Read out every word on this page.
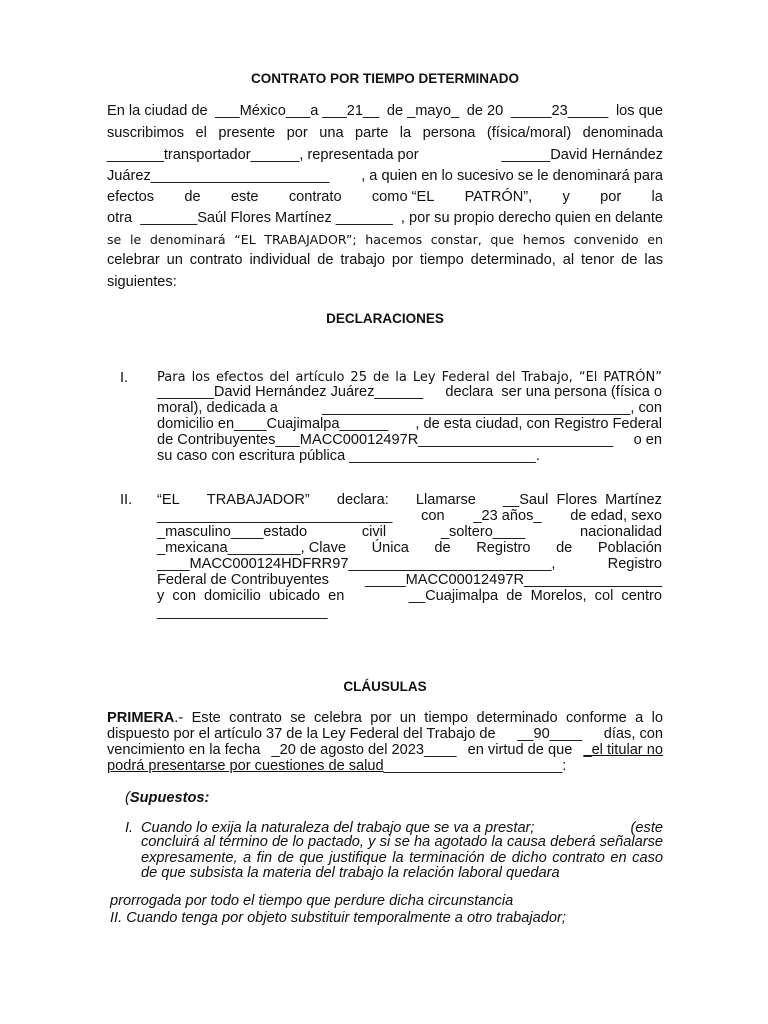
CONTRATO POR TIEMPO DETERMINADO
En la ciudad de ___México___a ___21__ de _mayo_ de 20 _____23_____ los que
suscribimos el presente por una parte la persona (física/moral) denominada
_______transportador______, representada por	______David Hernández
Juárez______________________ , a quien en lo sucesivo se le denominará para
efectos de este contrato como “EL PATRÓN”, y por la
otra _______Saúl Flores Martínez _______ , por su propio derecho quien en delante
se le denominará “EL TRABAJADOR”; hacemos constar, que hemos convenido en
celebrar un contrato individual de trabajo por tiempo determinado, al tenor de las
siguientes:
DECLARACIONES
I. Para los efectos del artículo 25 de la Ley Federal del Trabajo, “El PATRÓN”
_______David Hernández Juárez______ declara  ser una persona (física o
moral), dedicada a	______________________________________, con
domicilio en____Cuajimalpa______ , de esta ciudad, con Registro Federal
de Contribuyentes___MACC00012497R________________________ o en
su caso con escritura pública
_______________________ .
II. “EL TRABAJADOR” declara: Llamarse __Saul  Flores  Martínez
_____________________________ con _23 años_ de edad, sexo
_masculino____estado	civil	_soltero____	nacionalidad
_mexicana_________, Clave Única de Registro de Población
____MACC000124HDFRR97_________________________,	Registro
Federal de Contribuyentes _____MACC00012497R_________________
y  con  domicilio  ubicado  en	__Cuajimalpa  de  Morelos,  col  centro
_____________________
CLÁUSULAS
PRIMERA .- Este contrato se celebra por un tiempo determinado conforme a lo
dispuesto por el artículo 37 de la Ley Federal del Trabajo de __90____ días, con
vencimiento en la fecha _20 de agosto del 2023____ en virtud de que _el titular no
podrá presentarse por cuestiones de salud ______________________ :
(Supuestos:
I. Cuando lo exija la naturaleza del trabajo que se va a prestar;	(este
concluirá al término de lo pactado, y si se ha agotado la causa deberá señalarse expresamente, a fin de que justifique la terminación de dicho contrato en caso de que subsista la materia del trabajo la relación laboral quedara
prorrogada por todo el tiempo que perdure dicha circunstancia
II. Cuando tenga por objeto substituir temporalmente a otro trabajador;
